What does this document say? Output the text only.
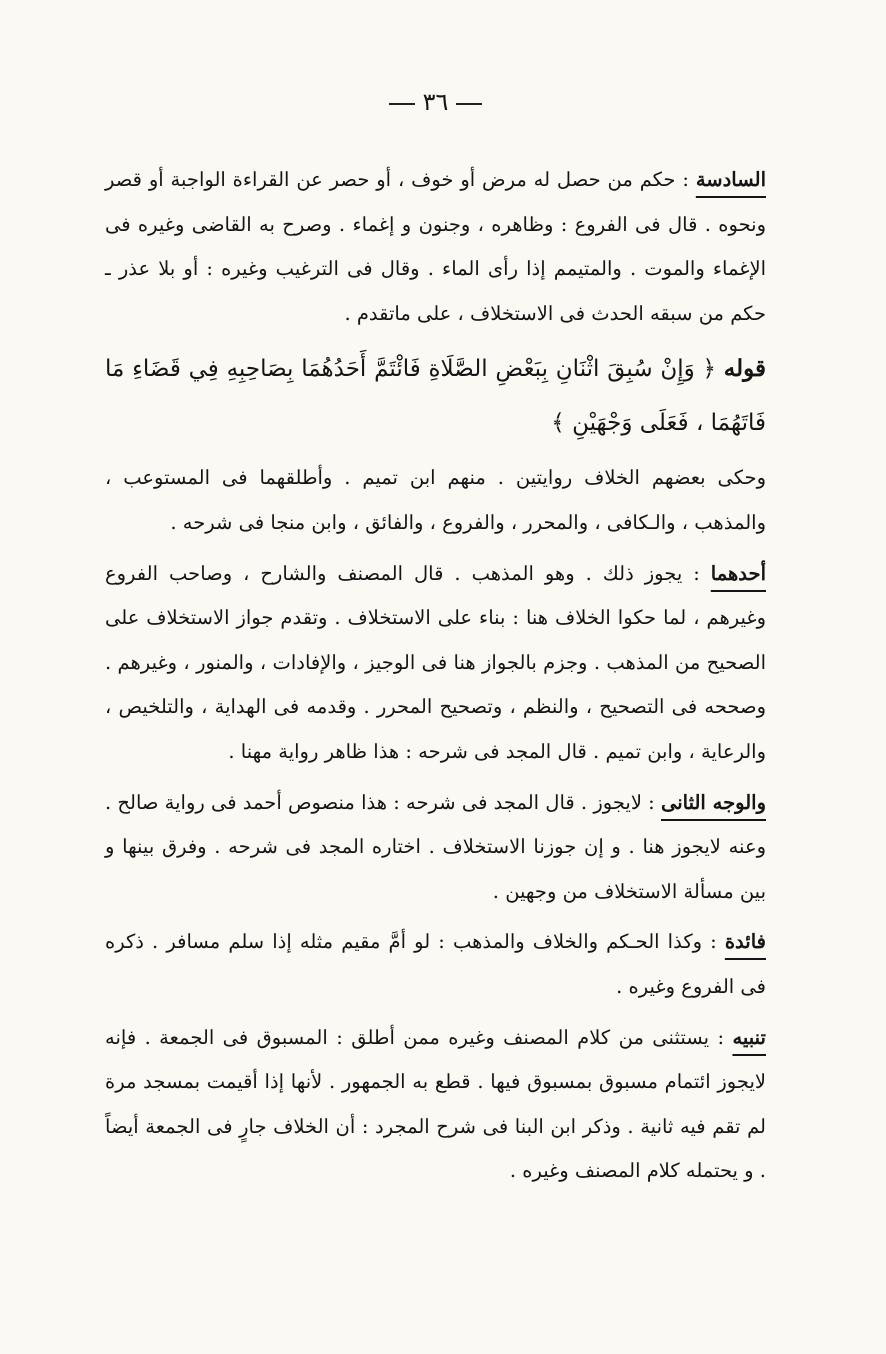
٣٦

السادسة : حكم من حصل له مرض أو خوف ، أو حصر عن القراءة الواجبة أو قصر ونحوه . قال فى الفروع : وظاهره ، وجنون و إغماء . وصرح به القاضى وغيره فى الإغماء والموت . والمتيمم إذا رأى الماء . وقال فى الترغيب وغيره : أو بلا عذر ـ حكم من سبقه الحدث فى الاستخلاف ، على ماتقدم .

قوله ﴿ وَإِنْ سُبِقَ اثْنَانِ بِبَعْضِ الصَّلَاةِ فَائْتَمَّ أَحَدُهُمَا بِصَاحِبِهِ فِي قَضَاءِ مَا فَاتَهُمَا ، فَعَلَى وَجْهَيْنِ ﴾

وحكى بعضهم الخلاف روايتين . منهم ابن تميم . وأطلقهما فى المستوعب ، والمذهب ، والـكافى ، والمحرر ، والفروع ، والفائق ، وابن منجا فى شرحه .

أحدهما : يجوز ذلك . وهو المذهب . قال المصنف والشارح ، وصاحب الفروع وغيرهم ، لما حكوا الخلاف هنا : بناء على الاستخلاف . وتقدم جواز الاستخلاف على الصحيح من المذهب . وجزم بالجواز هنا فى الوجيز ، والإفادات ، والمنور ، وغيرهم . وصححه فى التصحيح ، والنظم ، وتصحيح المحرر . وقدمه فى الهداية ، والتلخيص ، والرعاية ، وابن تميم . قال المجد فى شرحه : هذا ظاهر رواية مهنا .

والوجه الثانى : لايجوز . قال المجد فى شرحه : هذا منصوص أحمد فى رواية صالح . وعنه لايجوز هنا . و إن جوزنا الاستخلاف . اختاره المجد فى شرحه . وفرق بينها و بين مسألة الاستخلاف من وجهين .

فائدة : وكذا الحـكم والخلاف والمذهب : لو أمَّ مقيم مثله إذا سلم مسافر . ذكره فى الفروع وغيره .

تنبيه : يستثنى من كلام المصنف وغيره ممن أطلق : المسبوق فى الجمعة . فإنه لايجوز ائتمام مسبوق بمسبوق فيها . قطع به الجمهور . لأنها إذا أقيمت بمسجد مرة لم تقم فيه ثانية . وذكر ابن البنا فى شرح المجرد : أن الخلاف جارٍ فى الجمعة أيضاً . و يحتمله كلام المصنف وغيره .
